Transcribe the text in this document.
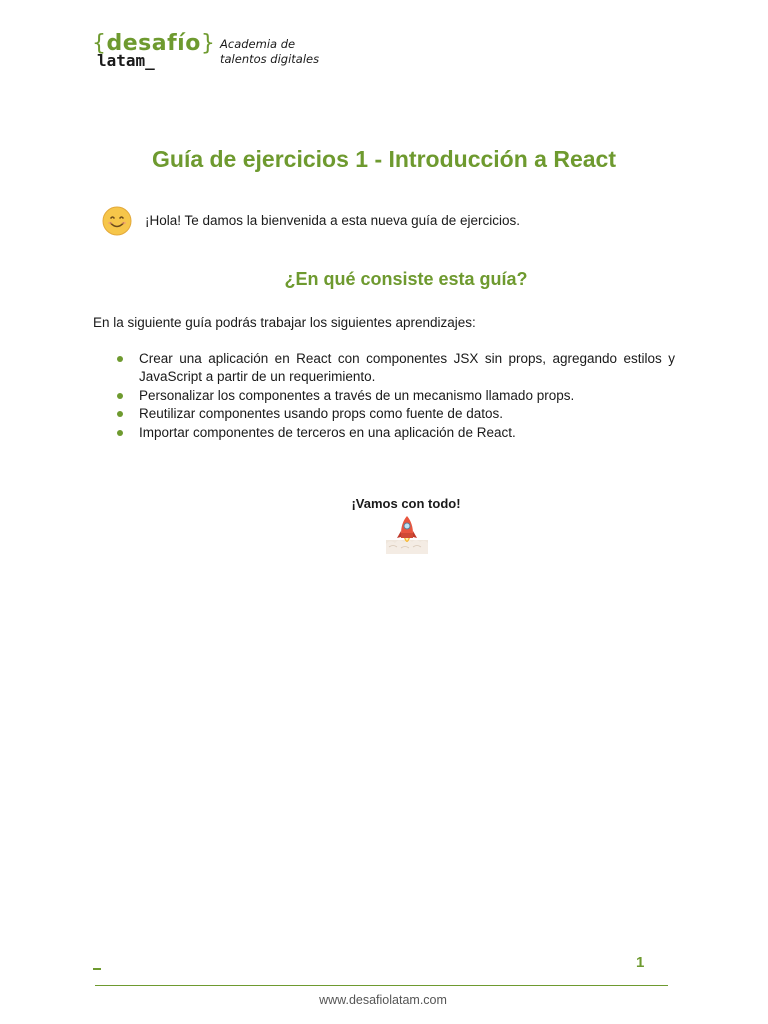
{desafío}
latam_
Academia de
talentos digitales
Guía de ejercicios 1 - Introducción a React
¡Hola! Te damos la bienvenida a esta nueva guía de ejercicios.
¿En qué consiste esta guía?

En la siguiente guía podrás trabajar los siguientes aprendizajes:

Crear una aplicación en React con componentes JSX sin props, agregando estilos y JavaScript a partir de un requerimiento.
Personalizar los componentes a través de un mecanismo llamado props.
Reutilizar componentes usando props como fuente de datos.
Importar componentes de terceros en una aplicación de React.

¡Vamos con todo!

1
www.desafiolatam.com
